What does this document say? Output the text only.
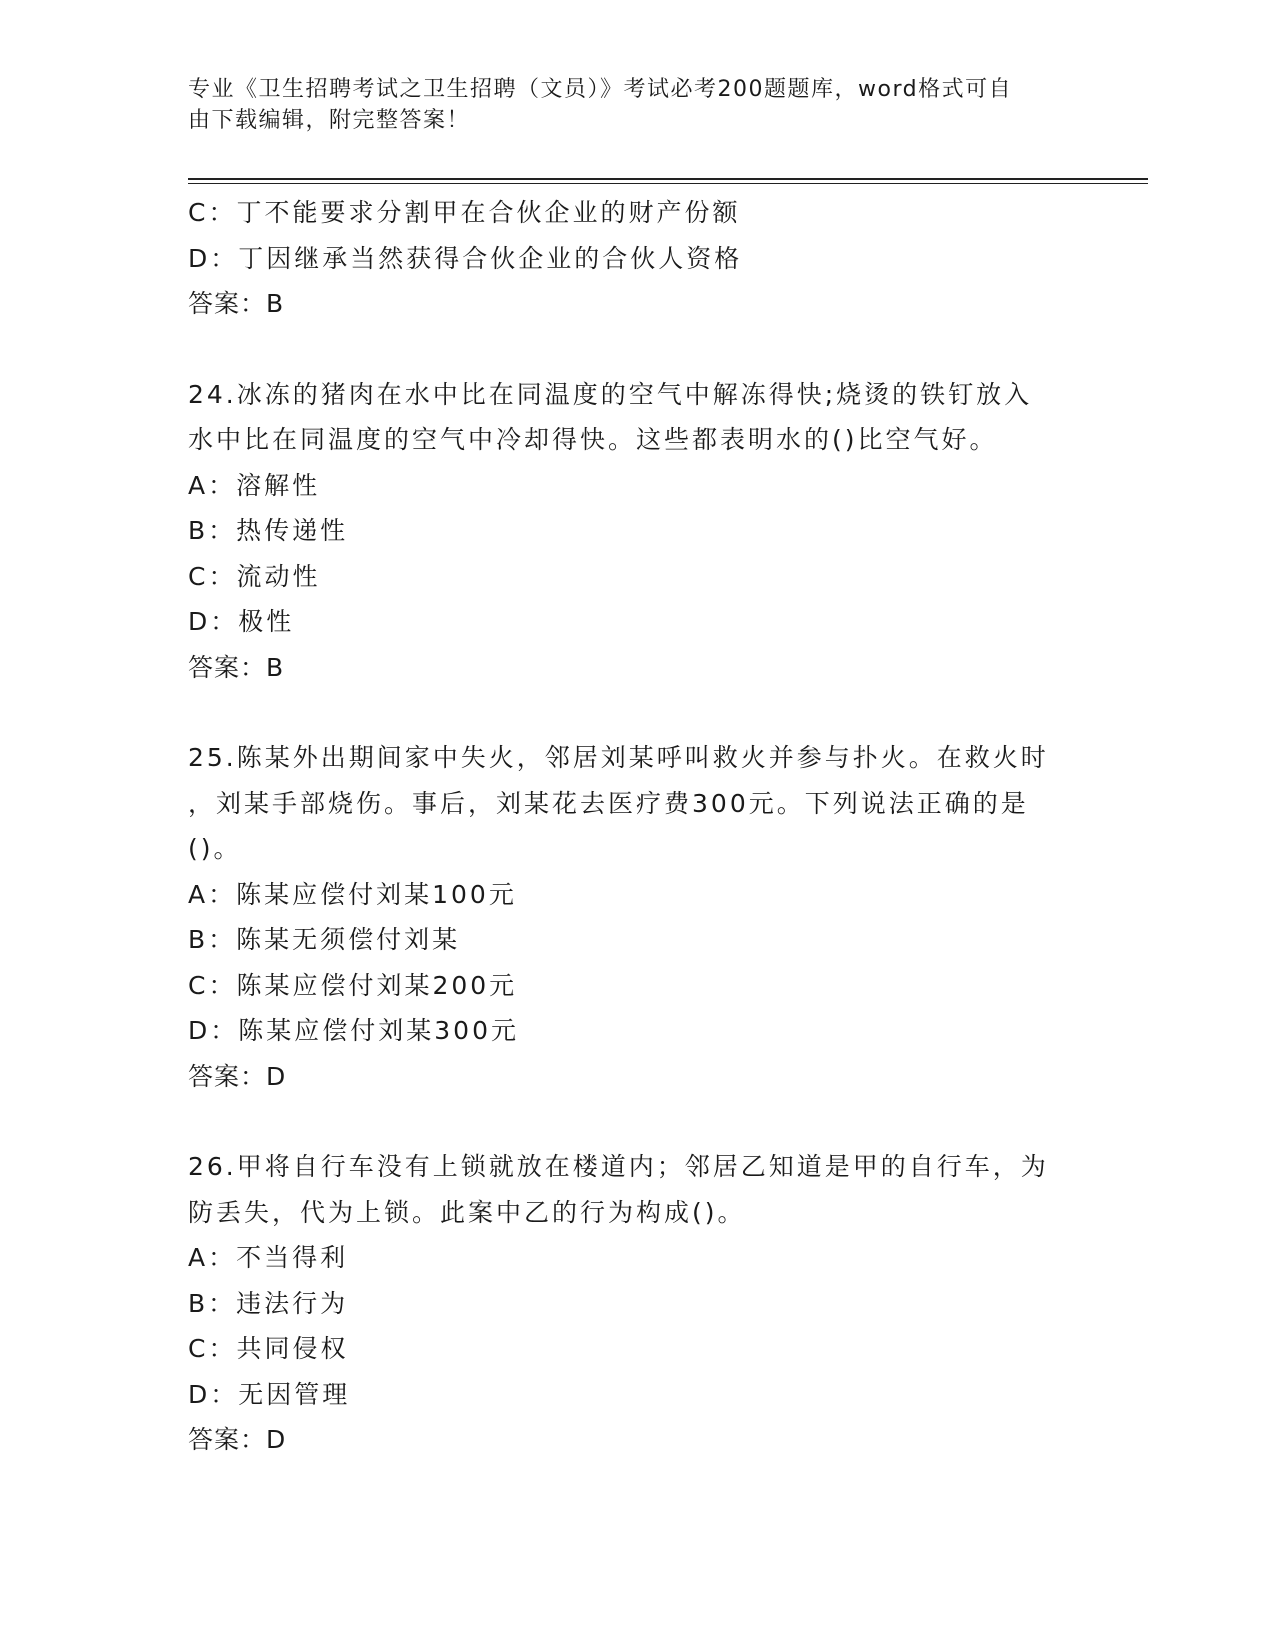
专业《卫生招聘考试之卫生招聘（文员）》考试必考200题题库，word格式可自
由下载编辑，附完整答案！
C：丁不能要求分割甲在合伙企业的财产份额
D：丁因继承当然获得合伙企业的合伙人资格
答案：B
24.冰冻的猪肉在水中比在同温度的空气中解冻得快;烧烫的铁钉放入
水中比在同温度的空气中冷却得快。这些都表明水的()比空气好。
A：溶解性
B：热传递性
C：流动性
D：极性
答案：B
25.陈某外出期间家中失火，邻居刘某呼叫救火并参与扑火。在救火时
，刘某手部烧伤。事后，刘某花去医疗费300元。下列说法正确的是
()。
A：陈某应偿付刘某100元
B：陈某无须偿付刘某
C：陈某应偿付刘某200元
D：陈某应偿付刘某300元
答案：D
26.甲将自行车没有上锁就放在楼道内；邻居乙知道是甲的自行车，为
防丢失，代为上锁。此案中乙的行为构成()。
A：不当得利
B：违法行为
C：共同侵权
D：无因管理
答案：D
